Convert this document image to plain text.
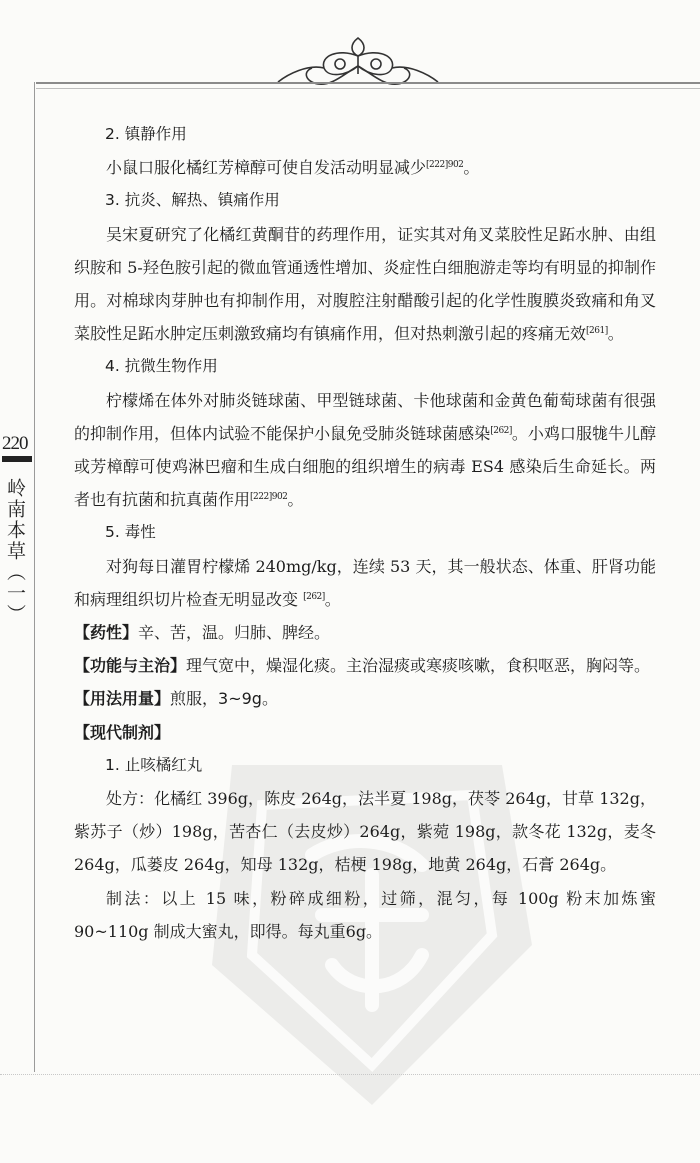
220
岭南本草（一）

2. 镇静作用

小鼠口服化橘红芳樟醇可使自发活动明显减少$^{[222]902}$。

3. 抗炎、解热、镇痛作用

吴宋夏研究了化橘红黄酮苷的药理作用，证实其对角叉菜胶性足跖水肿、由组织胺和 5-羟色胺引起的微血管通透性增加、炎症性白细胞游走等均有明显的抑制作用。对棉球肉芽肿也有抑制作用，对腹腔注射醋酸引起的化学性腹膜炎致痛和角叉菜胶性足跖水肿定压刺激致痛均有镇痛作用，但对热刺激引起的疼痛无效[261]。

4. 抗微生物作用

柠檬烯在体外对肺炎链球菌、甲型链球菌、卡他球菌和金黄色葡萄球菌有很强的抑制作用，但体内试验不能保护小鼠免受肺炎链球菌感染[262]。小鸡口服牻牛儿醇或芳樟醇可使鸡淋巴瘤和生成白细胞的组织增生的病毒 ES4 感染后生命延长。两者也有抗菌和抗真菌作用$^{[222]902}$。

5. 毒性

对狗每日灌胃柠檬烯 240mg/kg，连续 53 天，其一般状态、体重、肝肾功能和病理组织切片检查无明显改变 [262]。

【药性】辛、苦，温。归肺、脾经。

【功能与主治】理气宽中，燥湿化痰。主治湿痰或寒痰咳嗽，食积呕恶，胸闷等。

【用法用量】煎服，3~9g。

【现代制剂】

1. 止咳橘红丸

处方：化橘红 396g，陈皮 264g，法半夏 198g，茯苓 264g，甘草 132g，紫苏子（炒）198g，苦杏仁（去皮炒）264g，紫菀 198g，款冬花 132g，麦冬 264g，瓜蒌皮 264g，知母 132g，桔梗 198g，地黄 264g，石膏 264g。

制法：以上 15 味，粉碎成细粉，过筛，混匀，每 100g 粉末加炼蜜 90~110g 制成大蜜丸，即得。每丸重6g。
